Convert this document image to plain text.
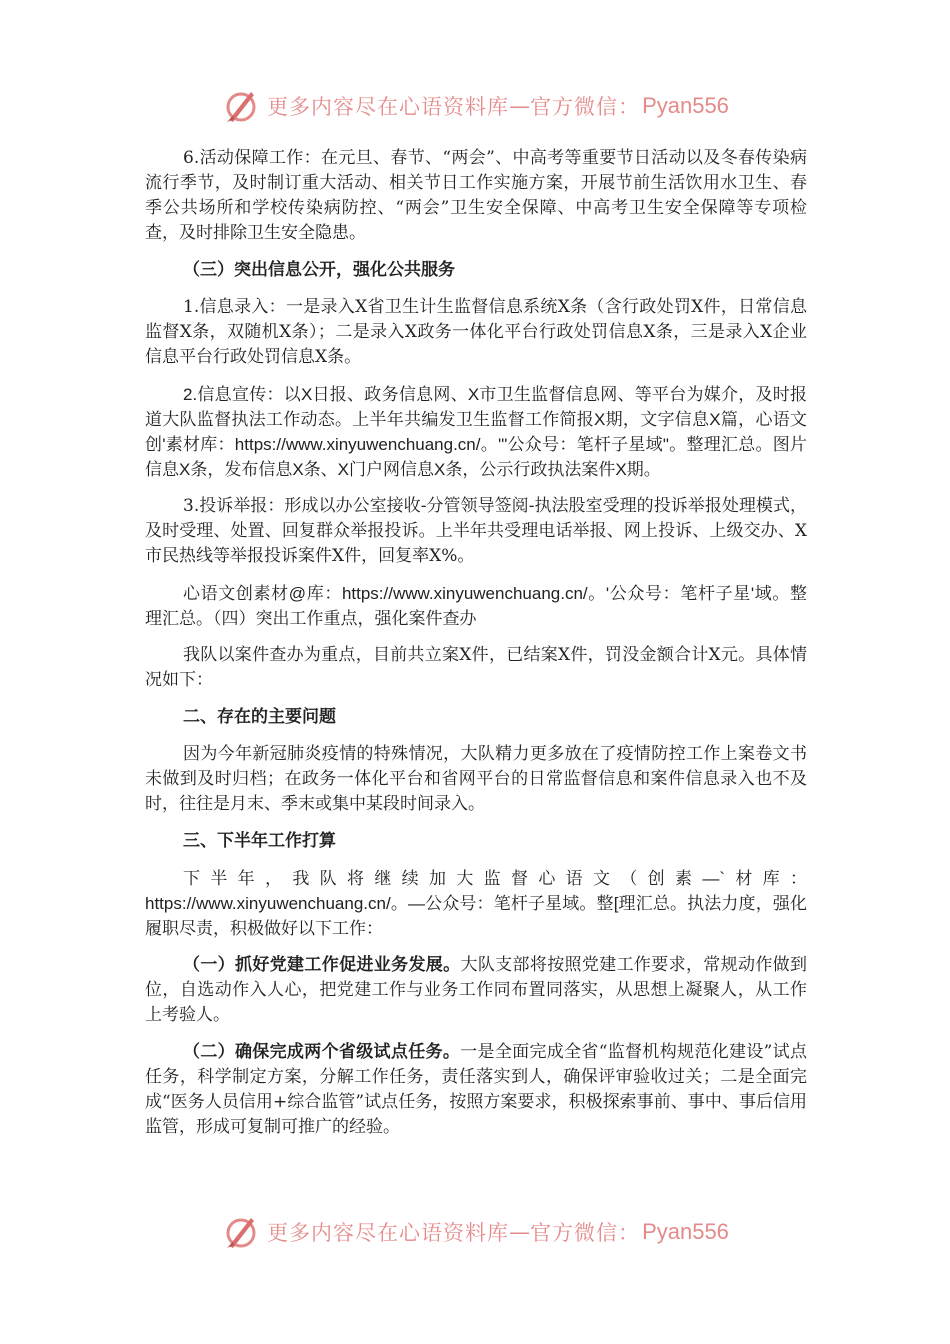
更多内容尽在心语资料库 — 官方微信： Pyan556

6.活动保障工作：在元旦、春节、“两会”、中高考等重要节日活动以及冬春传染病流行季节，及时制订重大活动、相关节日工作实施方案，开展节前生活饮用水卫生、春季公共场所和学校传染病防控、“两会”卫生安全保障、中高考卫生安全保障等专项检查，及时排除卫生安全隐患。

（三）突出信息公开，强化公共服务

1.信息录入：一是录入X省卫生计生监督信息系统X条（含行政处罚X件，日常信息监督X条，双随机X条）；二是录入X政务一体化平台行政处罚信息X条，三是录入X企业信息平台行政处罚信息X条。

2.信息宣传：以X日报、政务信息网、X市卫生监督信息网、等平台为媒介，及时报道大队监督执法工作动态。上半年共编发卫生监督工作简报X期，文字信息X篇，心语文创'素材库：https://www.xinyuwenchuang.cn/。'"公众号：笔杆子星域"。整理汇总。图片信息X条，发布信息X条、X门户网信息X条，公示行政执法案件X期。

3.投诉举报：形成以办公室接收-分管领导签阅-执法股室受理的投诉举报处理模式，及时受理、处置、回复群众举报投诉。上半年共受理电话举报、网上投诉、上级交办、X市民热线等举报投诉案件X件，回复率X%。

心语文创素材@库：https://www.xinyuwenchuang.cn/。'公众号：笔杆子星'域。整理汇总。（四）突出工作重点，强化案件查办

我队以案件查办为重点，目前共立案X件，已结案X件，罚没金额合计X元。具体情况如下：

二、存在的主要问题

因为今年新冠肺炎疫情的特殊情况，大队精力更多放在了疫情防控工作上案卷文书未做到及时归档；在政务一体化平台和省网平台的日常监督信息和案件信息录入也不及时，往往是月末、季末或集中某段时间录入。

三、下半年工作打算

下半年，我队将继续加大监督心语文（创素—`材库：https://www.xinyuwenchuang.cn/。—公众号：笔杆子星域。整[理汇总。执法力度，强化履职尽责，积极做好以下工作：

（一）抓好党建工作促进业务发展。大队支部将按照党建工作要求，常规动作做到位，自选动作入人心，把党建工作与业务工作同布置同落实，从思想上凝聚人，从工作上考验人。

（二）确保完成两个省级试点任务。一是全面完成全省“监督机构规范化建设”试点任务，科学制定方案，分解工作任务，责任落实到人，确保评审验收过关；二是全面完成“医务人员信用+综合监管”试点任务，按照方案要求，积极探索事前、事中、事后信用监管，形成可复制可推广的经验。

更多内容尽在心语资料库 — 官方微信： Pyan556
